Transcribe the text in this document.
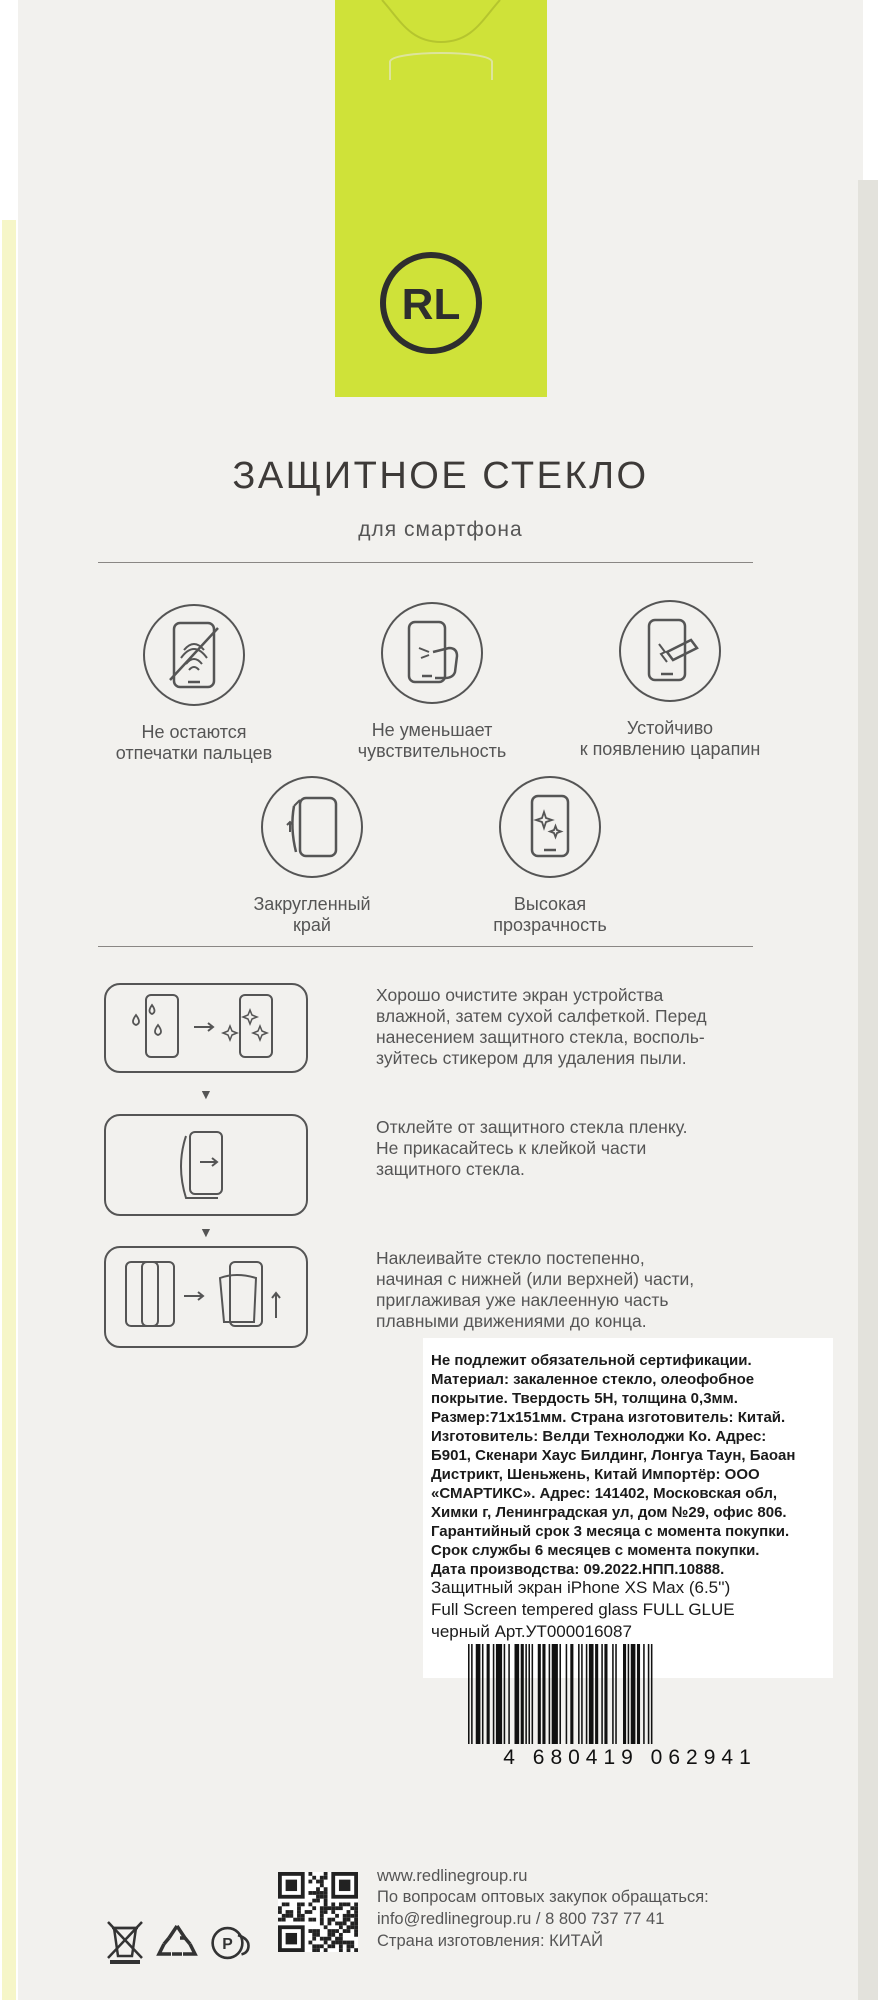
RL
ЗАЩИТНОЕ СТЕКЛО
для смартфона
Не остаются
отпечатки пальцев
Не уменьшает
чувствительность
Устойчиво
к появлению царапин
Закругленный
край
Высокая
прозрачность
▼
Хорошо очистите экран устройства
влажной, затем сухой салфеткой. Перед
нанесением защитного стекла, восполь-
зуйтесь стикером для удаления пыли.
▼
Отклейте от защитного стекла пленку.
Не прикасайтесь к клейкой части
защитного стекла.
Наклеивайте стекло постепенно,
начиная с нижней (или верхней) части,
приглаживая уже наклеенную часть
плавными движениями до конца.
Не подлежит обязательной сертификации.
Материал: закаленное стекло, олеофобное
покрытие. Твердость 5H, толщина 0,3мм.
Размер:71х151мм. Страна изготовитель: Китай.
Изготовитель: Велди Технолоджи Ко. Адрес:
Б901, Скенари Хаус Билдинг, Лонгуа Таун, Баоан
Дистрикт, Шеньжень, Китай Импортёр: ООО
«СМАРТИКС». Адрес: 141402, Московская обл,
Химки г, Ленинградская ул, дом №29, офис 806.
Гарантийный срок 3 месяца с момента покупки.
Срок службы 6 месяцев с момента покупки.
Дата производства: 09.2022.НПП.10888.
Защитный экран iPhone XS Max (6.5'')
Full Screen tempered glass FULL GLUE
черный Арт.УТ000016087
4 680419 062941
www.redlinegroup.ru
По вопросам оптовых закупок обращаться:
info@redlinegroup.ru / 8 800 737 77 41
Страна изготовления: КИТАЙ
Р
